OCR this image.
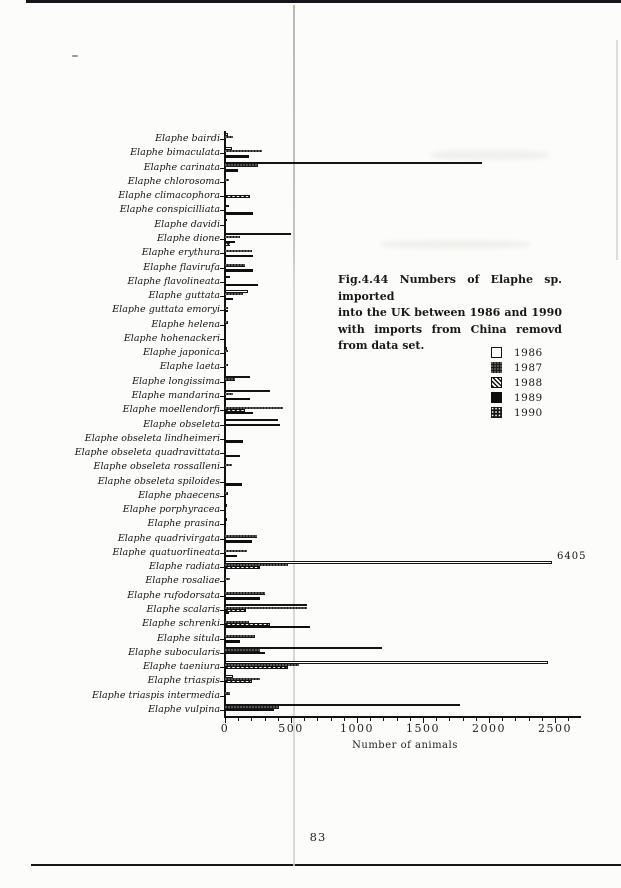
Elaphe bairdi
Elaphe bimaculata
Elaphe carinata
Elaphe chlorosoma
Elaphe climacophora
Elaphe conspicilliata
Elaphe davidi
Elaphe dione
Elaphe erythura
Elaphe flavirufa
Elaphe flavolineata
Elaphe guttata
Elaphe guttata emoryi
Elaphe helena
Elaphe hohenackeri
Elaphe japonica
Elaphe laeta
Elaphe longissima
Elaphe mandarina
Elaphe moellendorfi
Elaphe obseleta
Elaphe obseleta lindheimeri
Elaphe obseleta quadravittata
Elaphe obseleta rossalleni
Elaphe obseleta spiloides
Elaphe phaecens
Elaphe porphyracea
Elaphe prasina
Elaphe quadrivirgata
Elaphe quatuorlineata
Elaphe radiata
Elaphe rosaliae
Elaphe rufodorsata
Elaphe scalaris
Elaphe schrenki
Elaphe situla
Elaphe subocularis
Elaphe taeniura
Elaphe triaspis
Elaphe triaspis intermedia
Elaphe vulpina
0	500	1000	1500	2000	2500
Fig.4.44 Numbers of Elaphe sp. imported
into the UK between 1986 and 1990
with imports from China removd
from data set.
1986
1987
1988
1989
1990
6405
Number of animals
83
